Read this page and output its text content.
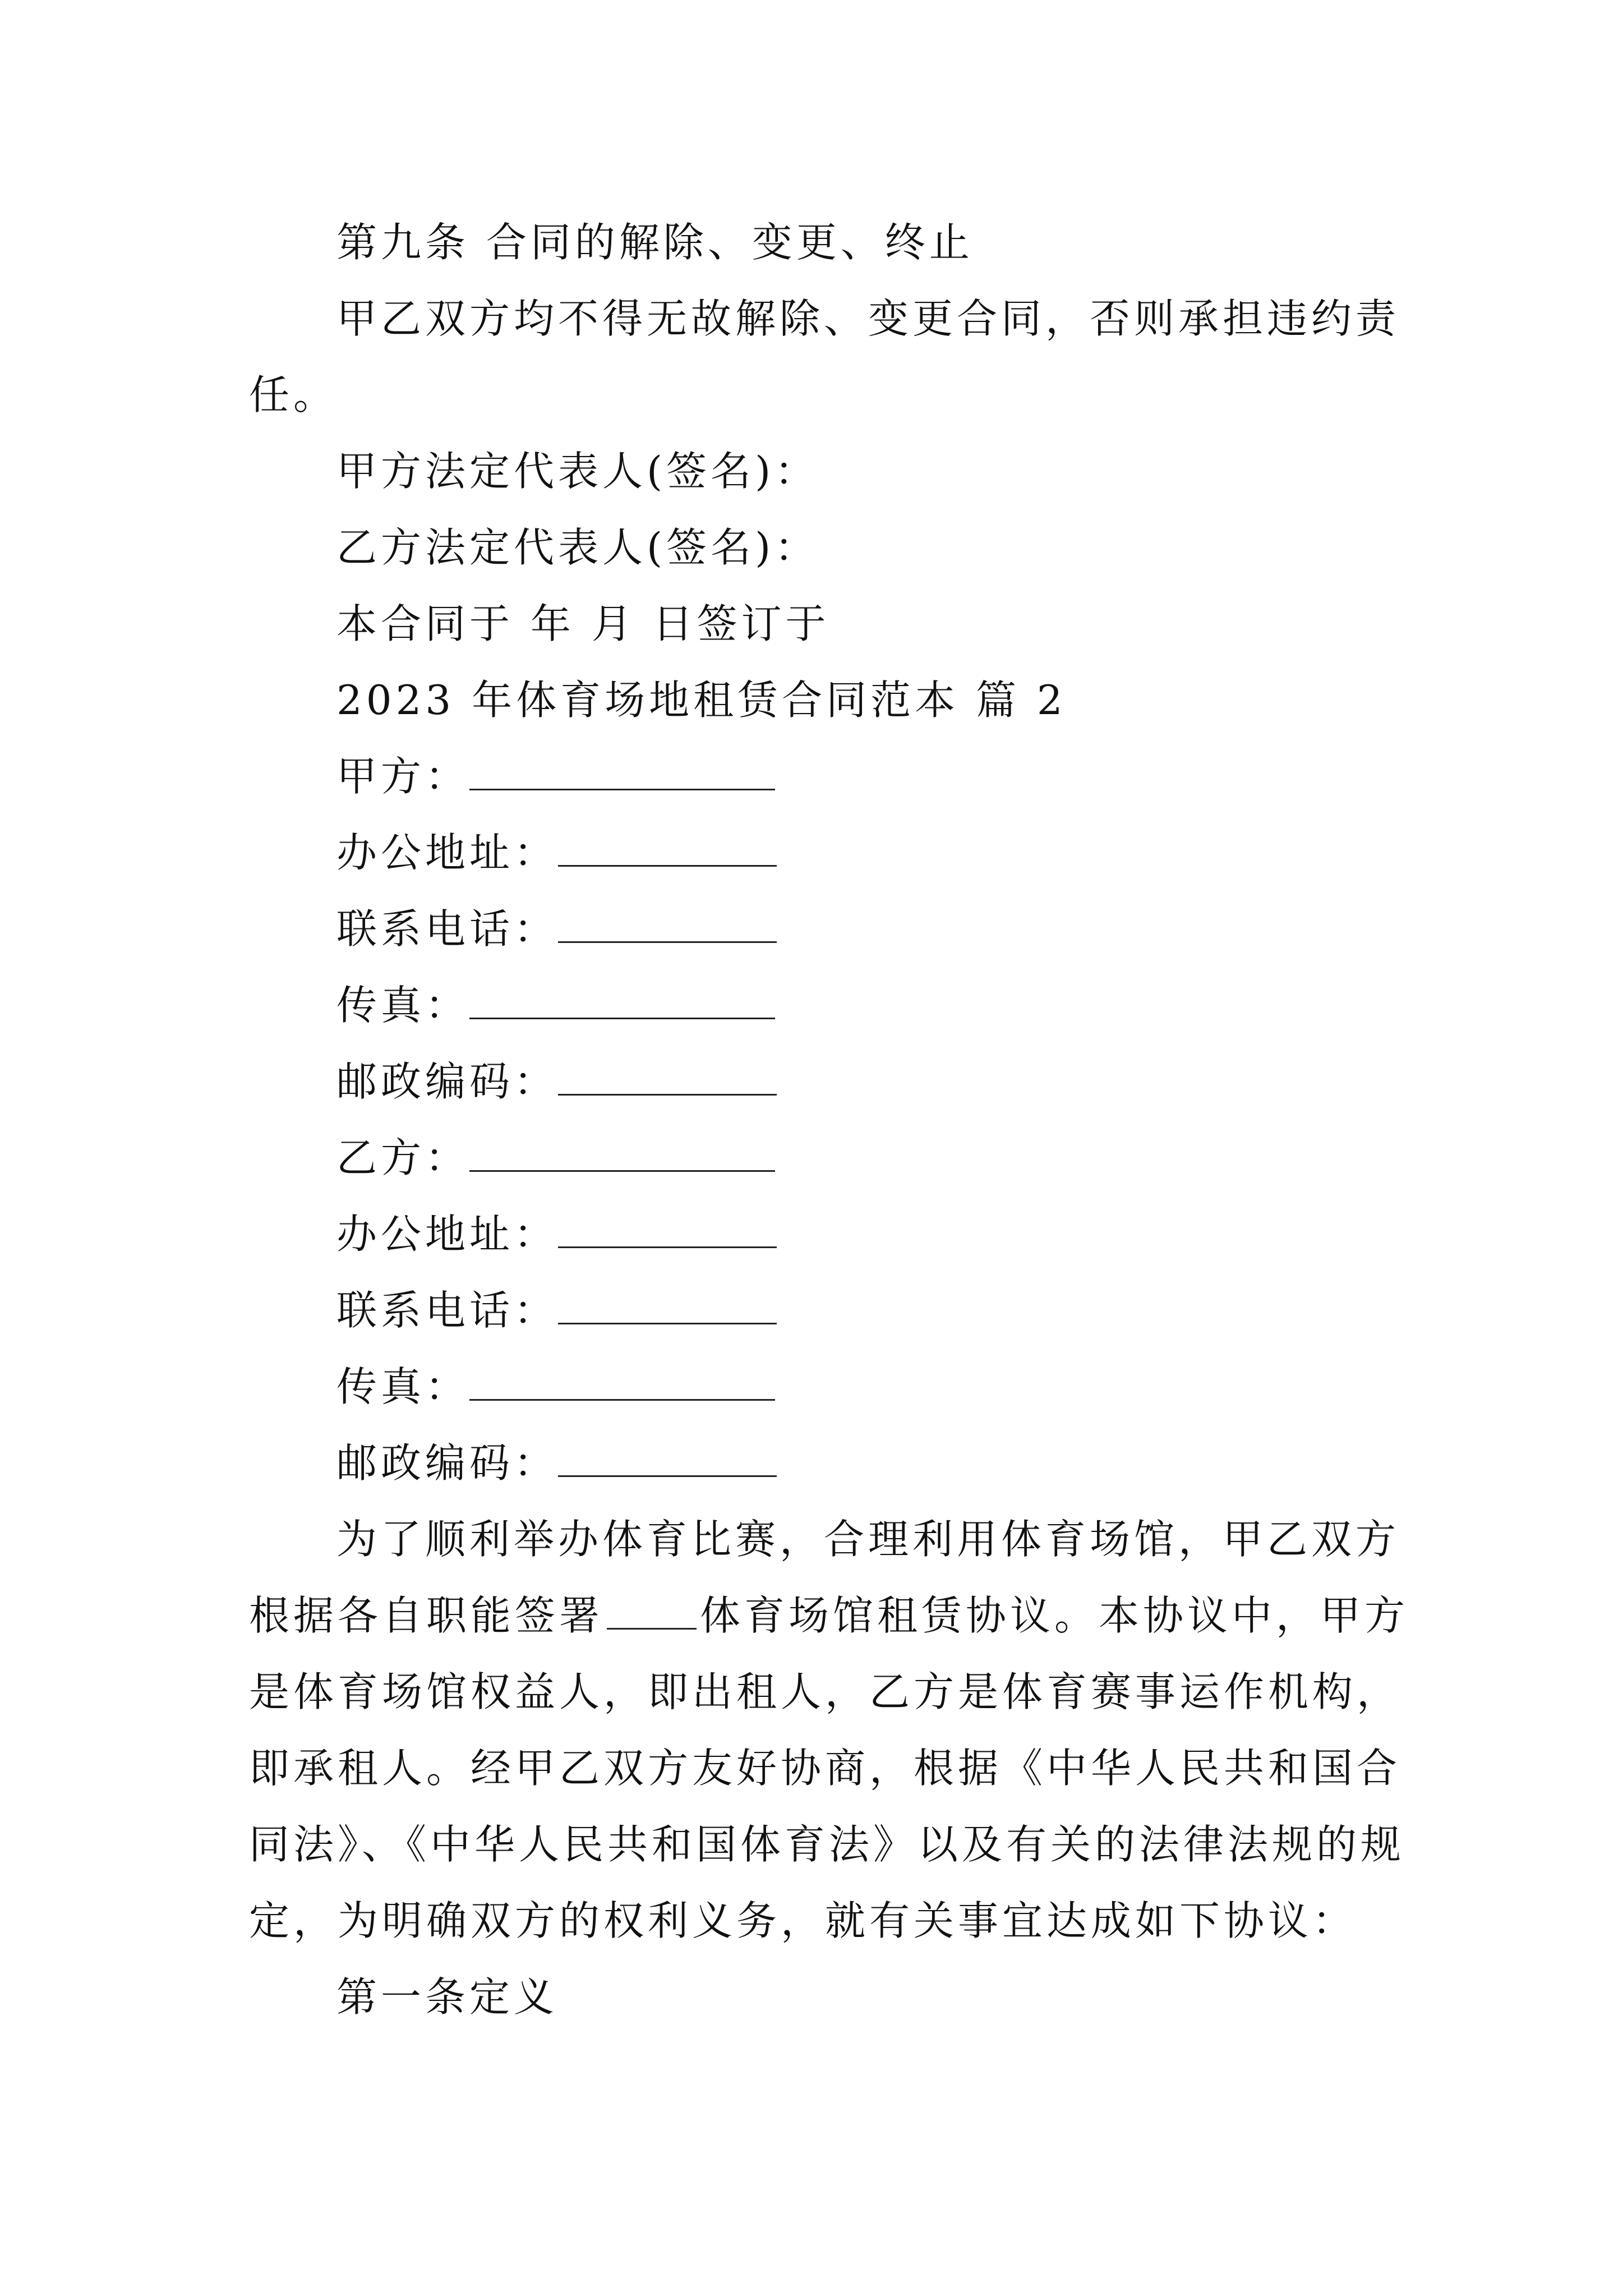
第九条 合同的解除、变更、终止
甲乙双方均不得无故解除、变更合同，否则承担违约责
任。
甲方法定代表人(签名)：
乙方法定代表人(签名)：
本合同于 年 月 日签订于
2023 年体育场地租赁合同范本 篇 2
甲方：
办公地址：
联系电话：
传真：
邮政编码：
乙方：
办公地址：
联系电话：
传真：
邮政编码：
为了顺利举办体育比赛，合理利用体育场馆，甲乙双方
根据各自职能签署 体育场馆租赁协议。本协议中，甲方
是体育场馆权益人，即出租人，乙方是体育赛事运作机构，
即承租人。经甲乙双方友好协商，根据《中华人民共和国合
同法》、《中华人民共和国体育法》以及有关的法律法规的规
定，为明确双方的权利义务，就有关事宜达成如下协议：
第一条定义
